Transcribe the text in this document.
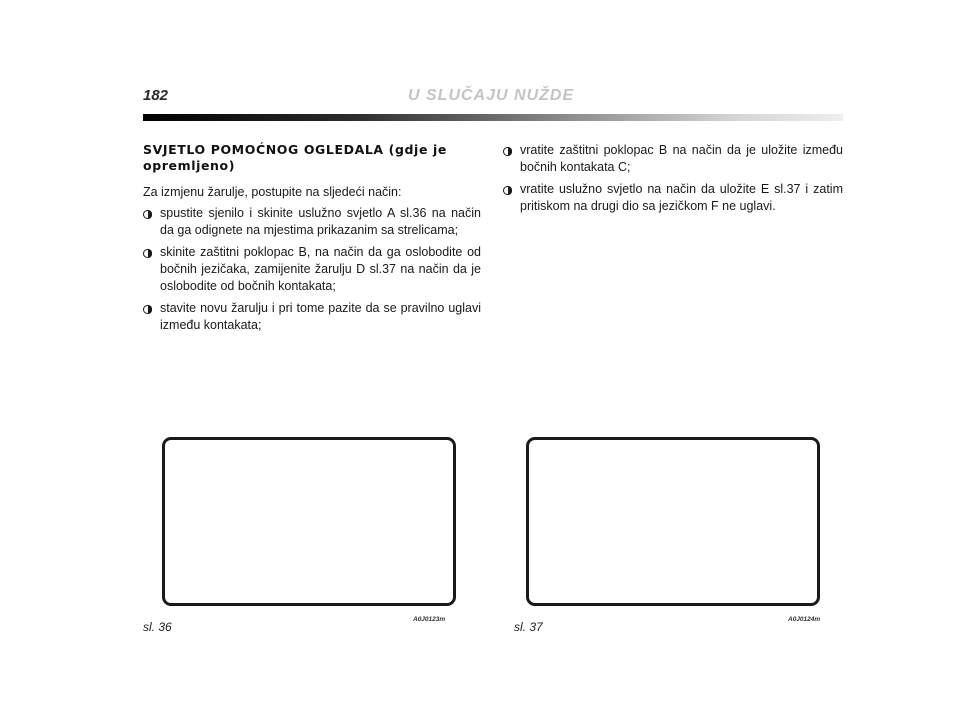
182	U SLUČAJU NUŽDE
SVJETLO POMOĆNOG OGLEDALA (gdje je opremljeno)

Za izmjenu žarulje, postupite na sljedeći način:

spustite sjenilo i skinite uslužno svjetlo A sl.36 na način da ga odignete na mjestima prikazanim sa strelicama;
skinite zaštitni poklopac B, na način da ga oslobodite od bočnih jezičaka, zamijenite žarulju D sl.37 na način da je oslobodite od bočnih kontakata;
stavite novu žarulju i pri tome pazite da se pravilno uglavi između kontakata;
vratite zaštitni poklopac B na način da je uložite između bočnih kontakata C;
vratite uslužno svjetlo na način da uložite E sl.37 i zatim pritiskom na drugi dio sa jezičkom F ne uglavi.
sl. 36
A0J0123m
sl. 37
A0J0124m
